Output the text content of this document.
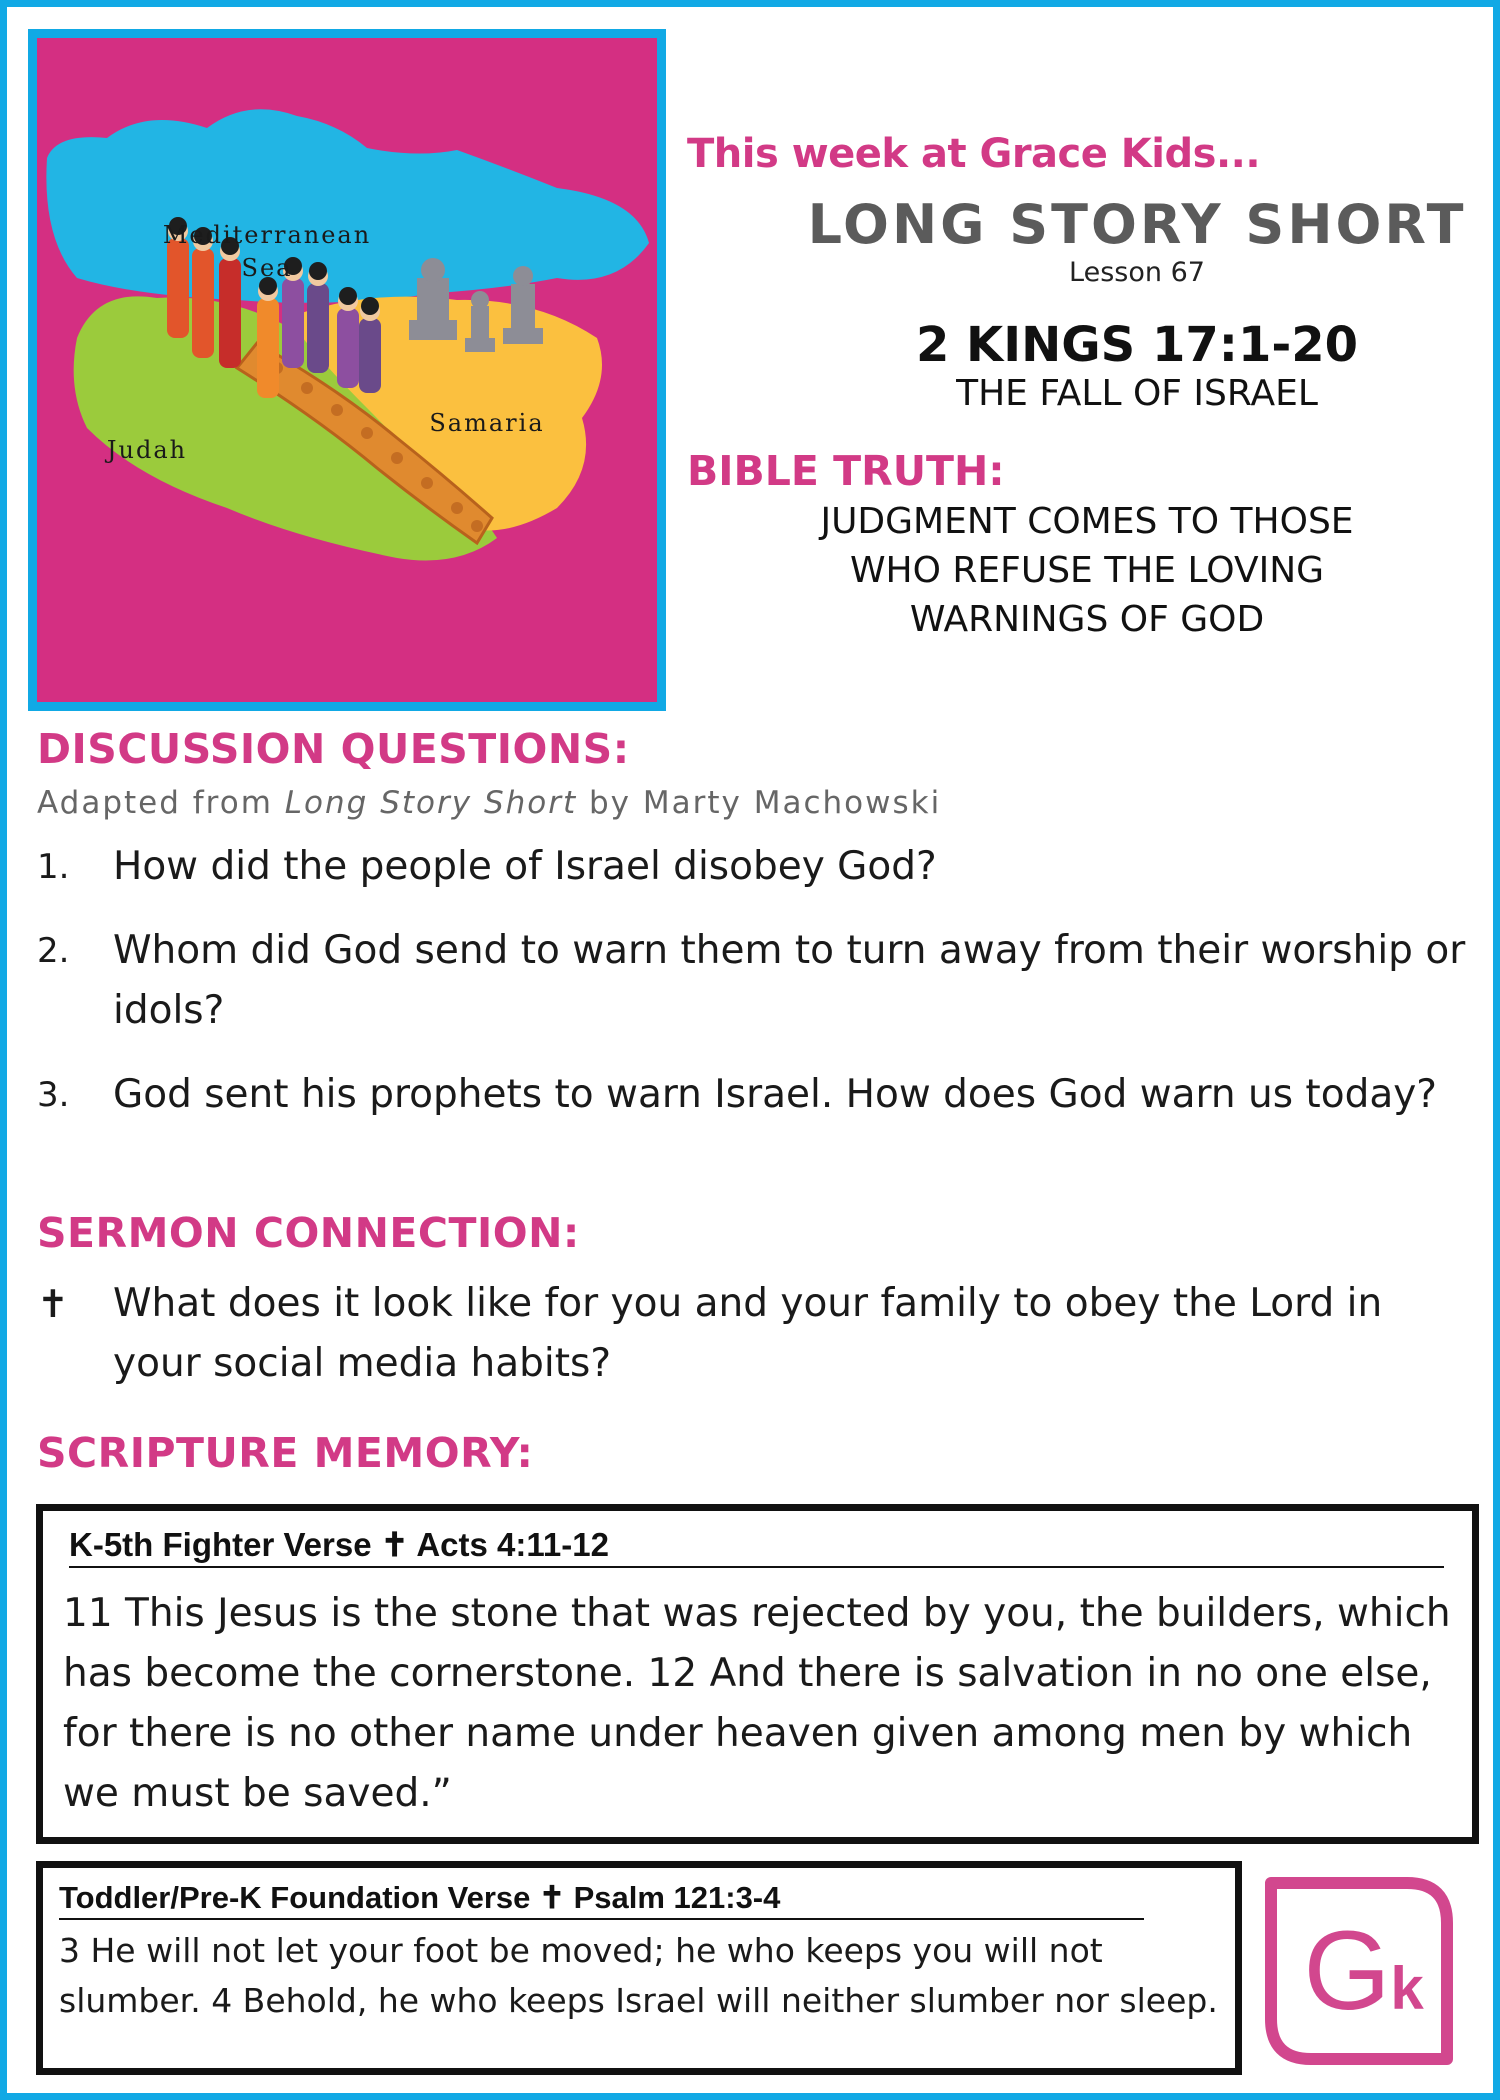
Mediterranean
Sea
Judah
Samaria
This week at Grace Kids...
LONG STORY SHORT
Lesson 67
2 KINGS 17:1-20
THE FALL OF ISRAEL
BIBLE TRUTH:
JUDGMENT COMES TO THOSE
WHO REFUSE THE LOVING
WARNINGS OF GOD
DISCUSSION QUESTIONS:
Adapted from Long Story Short by Marty Machowski
1. How did the people of Israel disobey God?
2. Whom did God send to warn them to turn away from their worship or idols?
3. God sent his prophets to warn Israel. How does God warn us today?
SERMON CONNECTION:
✝ What does it look like for you and your family to obey the Lord in your social media habits?
SCRIPTURE MEMORY:
K-5th Fighter Verse ✝ Acts 4:11-12
11 This Jesus is the stone that was rejected by you, the builders, which has become the cornerstone. 12 And there is salvation in no one else, for there is no other name under heaven given among men by which we must be saved.”
Toddler/Pre-K Foundation Verse ✝ Psalm 121:3-4
3 He will not let your foot be moved; he who keeps you will not slumber. 4 Behold, he who keeps Israel will neither slumber nor sleep. G k
